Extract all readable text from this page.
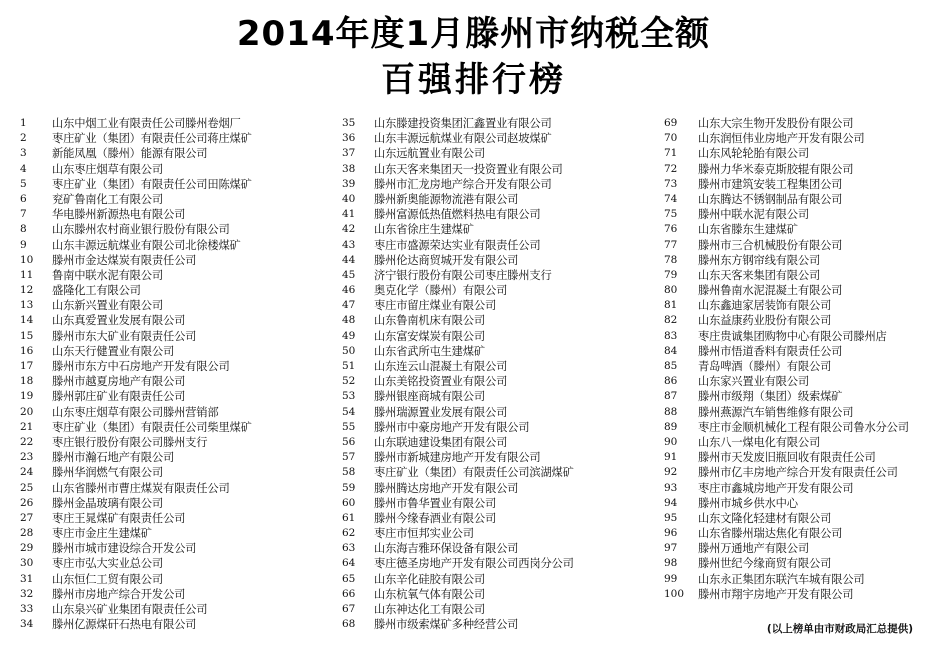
2014年度1月滕州市纳税全额
百强排行榜
1	山东中烟工业有限责任公司滕州卷烟厂
2	枣庄矿业（集团）有限责任公司蒋庄煤矿
3	新能凤凰（滕州）能源有限公司
4	山东枣庄烟草有限公司
5	枣庄矿业（集团）有限责任公司田陈煤矿
6	兖矿鲁南化工有限公司
7	华电滕州新源热电有限公司
8	山东滕州农村商业银行股份有限公司
9	山东丰源远航煤业有限公司北徐楼煤矿
10	滕州市金达煤炭有限责任公司
11	鲁南中联水泥有限公司
12	盛隆化工有限公司
13	山东新兴置业有限公司
14	山东真爱置业发展有限公司
15	滕州市东大矿业有限责任公司
16	山东天行健置业有限公司
17	滕州市东方中石房地产开发有限公司
18	滕州市越夏房地产有限公司
19	滕州郭庄矿业有限责任公司
20	山东枣庄烟草有限公司滕州营销部
21	枣庄矿业（集团）有限责任公司柴里煤矿
22	枣庄银行股份有限公司滕州支行
23	滕州市瀚石地产有限公司
24	滕州华润燃气有限公司
25	山东省滕州市曹庄煤炭有限责任公司
26	滕州金晶玻璃有限公司
27	枣庄王晁煤矿有限责任公司
28	枣庄市金庄生建煤矿
29	滕州市城市建设综合开发公司
30	枣庄市弘大实业总公司
31	山东恒仁工贸有限公司
32	滕州市房地产综合开发公司
33	山东泉兴矿业集团有限责任公司
34	滕州亿源煤矸石热电有限公司
35	山东滕建投资集团汇鑫置业有限公司
36	山东丰源远航煤业有限公司赵坡煤矿
37	山东远航置业有限公司
38	山东天客来集团天一投资置业有限公司
39	滕州市汇龙房地产综合开发有限公司
40	滕州新奥能源物流港有限公司
41	滕州富源低热值燃料热电有限公司
42	山东省徐庄生建煤矿
43	枣庄市盛源荣达实业有限责任公司
44	滕州伦达商贸城开发有限公司
45	济宁银行股份有限公司枣庄滕州支行
46	奥克化学（滕州）有限公司
47	枣庄市留庄煤业有限公司
48	山东鲁南机床有限公司
49	山东富安煤炭有限公司
50	山东省武所屯生建煤矿
51	山东连云山混凝土有限公司
52	山东美铭投资置业有限公司
53	滕州银座商城有限公司
54	滕州瑞源置业发展有限公司
55	滕州市中豪房地产开发有限公司
56	山东联迪建设集团有限公司
57	滕州市新城建房地产开发有限公司
58	枣庄矿业（集团）有限责任公司滨湖煤矿
59	滕州腾达房地产开发有限公司
60	滕州市鲁华置业有限公司
61	滕州今缘春酒业有限公司
62	枣庄市恒邦实业公司
63	山东海吉雅环保设备有限公司
64	枣庄德圣房地产开发有限公司西岗分公司
65	山东辛化硅胶有限公司
66	山东杭氧气体有限公司
67	山东神达化工有限公司
68	滕州市级索煤矿多种经营公司
69	山东大宗生物开发股份有限公司
70	山东润恒伟业房地产开发有限公司
71	山东风轮轮胎有限公司
72	滕州力华米泰克斯胶辊有限公司
73	滕州市建筑安装工程集团公司
74	山东腾达不锈钢制品有限公司
75	滕州中联水泥有限公司
76	山东省滕东生建煤矿
77	滕州市三合机械股份有限公司
78	滕州东方钢帘线有限公司
79	山东天客来集团有限公司
80	滕州鲁南水泥混凝土有限公司
81	山东鑫迪家居装饰有限公司
82	山东益康药业股份有限公司
83	枣庄贵诚集团购物中心有限公司滕州店
84	滕州市悟道香料有限责任公司
85	青岛啤酒（滕州）有限公司
86	山东家兴置业有限公司
87	滕州市级翔（集团）级索煤矿
88	滕州燕源汽车销售维修有限公司
89	枣庄市金顺机械化工程有限公司鲁水分公司
90	山东八一煤电化有限公司
91	滕州市天发废旧瓶回收有限责任公司
92	滕州市亿丰房地产综合开发有限责任公司
93	枣庄市鑫城房地产开发有限公司
94	滕州市城乡供水中心
95	山东文隆化轻建材有限公司
96	山东省滕州瑞达焦化有限公司
97	滕州万通地产有限公司
98	滕州世纪今缘商贸有限公司
99	山东永正集团东联汽车城有限公司
100	滕州市翔宇房地产开发有限公司
(以上榜单由市财政局汇总提供)
